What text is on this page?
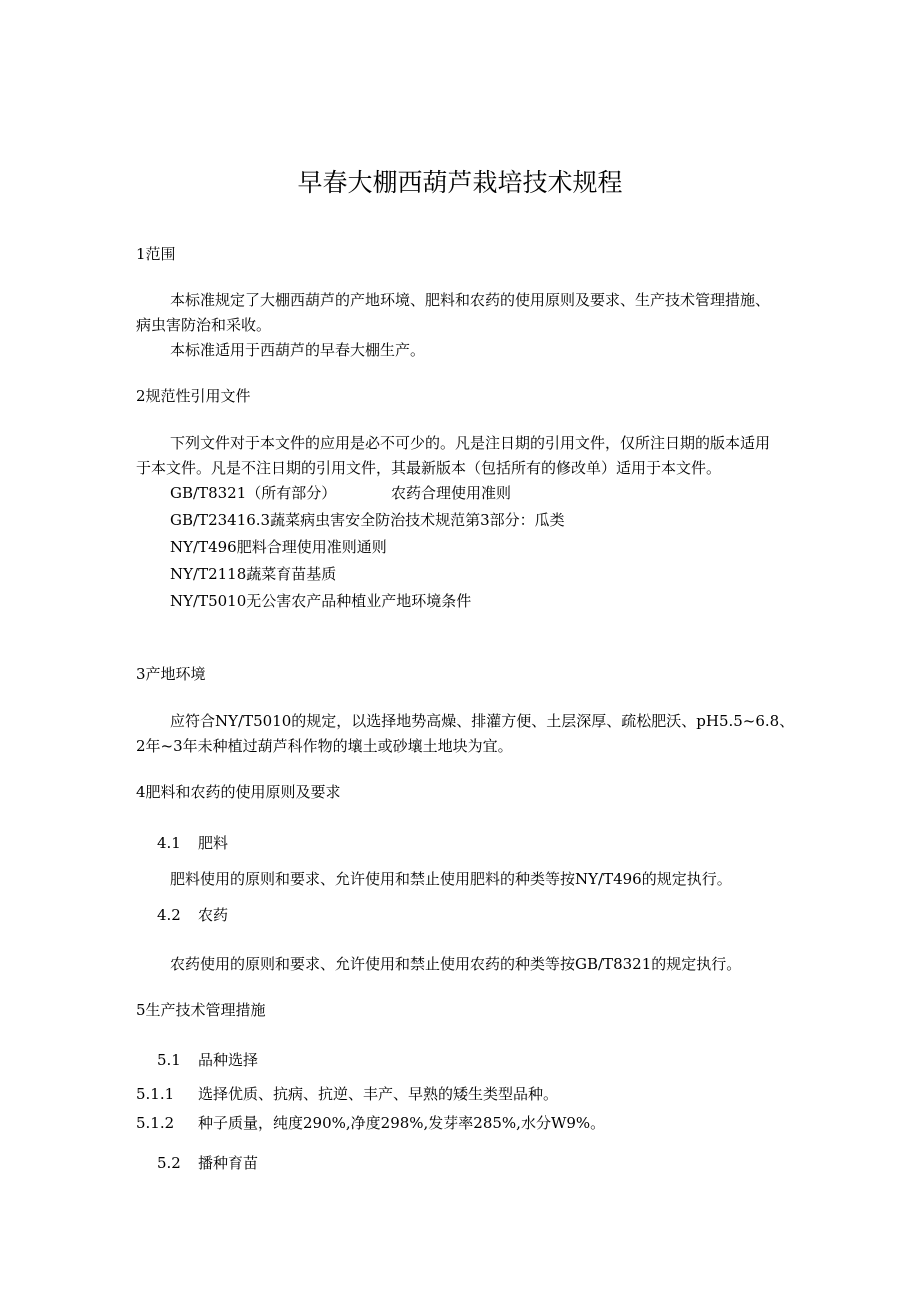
早春大棚西葫芦栽培技术规程

1范围

本标准规定了大棚西葫芦的产地环境、肥料和农药的使用原则及要求、生产技术管理措施、

病虫害防治和采收。

本标准适用于西葫芦的早春大棚生产。

2规范性引用文件

下列文件对于本文件的应用是必不可少的。凡是注日期的引用文件，仅所注日期的版本适用

于本文件。凡是不注日期的引用文件，其最新版本（包括所有的修改单）适用于本文件。

GB/T8321（所有部分）	农药合理使用准则

GB/T23416.3蔬菜病虫害安全防治技术规范第3部分：瓜类

NY/T496肥料合理使用准则通则

NY/T2118蔬菜育苗基质

NY/T5010无公害农产品种植业产地环境条件

3产地环境

应符合NY/T5010的规定，以选择地势高燥、排灌方便、土层深厚、疏松肥沃、pH5.5~6.8、

2年~3年未种植过葫芦科作物的壤土或砂壤土地块为宜。

4肥料和农药的使用原则及要求

4.1 肥料

肥料使用的原则和要求、允许使用和禁止使用肥料的种类等按NY/T496的规定执行。

4.2 农药

农药使用的原则和要求、允许使用和禁止使用农药的种类等按GB/T8321的规定执行。

5生产技术管理措施

5.1 品种选择

5.1.1 选择优质、抗病、抗逆、丰产、早熟的矮生类型品种。

5.1.2 种子质量，纯度290%,净度298%,发芽率285%,水分W9%。

5.2 播种育苗
